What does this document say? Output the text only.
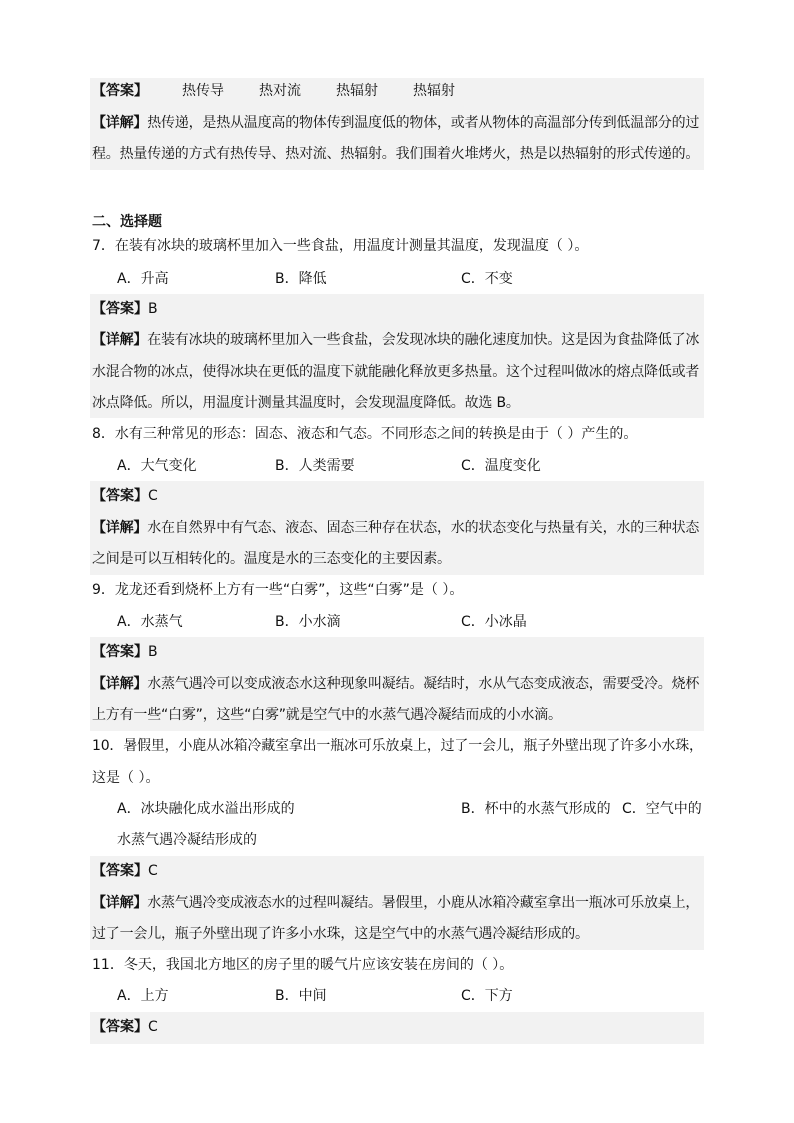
【答案】 热传导	热对流	热辐射	热辐射
【详解】热传递，是热从温度高的物体传到温度低的物体，或者从物体的高温部分传到低温部分的过
程。热量传递的方式有热传导、热对流、热辐射。我们围着火堆烤火，热是以热辐射的形式传递的。
二、选择题
7．在装有冰块的玻璃杯里加入一些食盐，用温度计测量其温度，发现温度（ ）。
A．升高	B．降低	C．不变
【答案】B
【详解】在装有冰块的玻璃杯里加入一些食盐，会发现冰块的融化速度加快。这是因为食盐降低了冰
水混合物的冰点，使得冰块在更低的温度下就能融化释放更多热量。这个过程叫做冰的熔点降低或者
冰点降低。所以，用温度计测量其温度时，会发现温度降低。故选 B。
8．水有三种常见的形态：固态、液态和气态。不同形态之间的转换是由于（ ）产生的。
A．大气变化	B．人类需要	C．温度变化
【答案】C
【详解】水在自然界中有气态、液态、固态三种存在状态，水的状态变化与热量有关，水的三种状态
之间是可以互相转化的。温度是水的三态变化的主要因素。
9．龙龙还看到烧杯上方有一些“白雾”，这些“白雾”是（ ）。
A．水蒸气	B．小水滴	C．小冰晶
【答案】B
【详解】水蒸气遇冷可以变成液态水这种现象叫凝结。凝结时，水从气态变成液态，需要受冷。烧杯
上方有一些“白雾”，这些“白雾”就是空气中的水蒸气遇冷凝结而成的小水滴。
10．暑假里，小鹿从冰箱冷藏室拿出一瓶冰可乐放桌上，过了一会儿，瓶子外壁出现了许多小水珠，
这是（ ）。
A．冰块融化成水溢出形成的	B．杯中的水蒸气形成的 C．空气中的
水蒸气遇冷凝结形成的
【答案】C
【详解】水蒸气遇冷变成液态水的过程叫凝结。暑假里，小鹿从冰箱冷藏室拿出一瓶冰可乐放桌上，
过了一会儿，瓶子外壁出现了许多小水珠，这是空气中的水蒸气遇冷凝结形成的。
11．冬天，我国北方地区的房子里的暖气片应该安装在房间的（ ）。
A．上方	B．中间	C．下方
【答案】C
